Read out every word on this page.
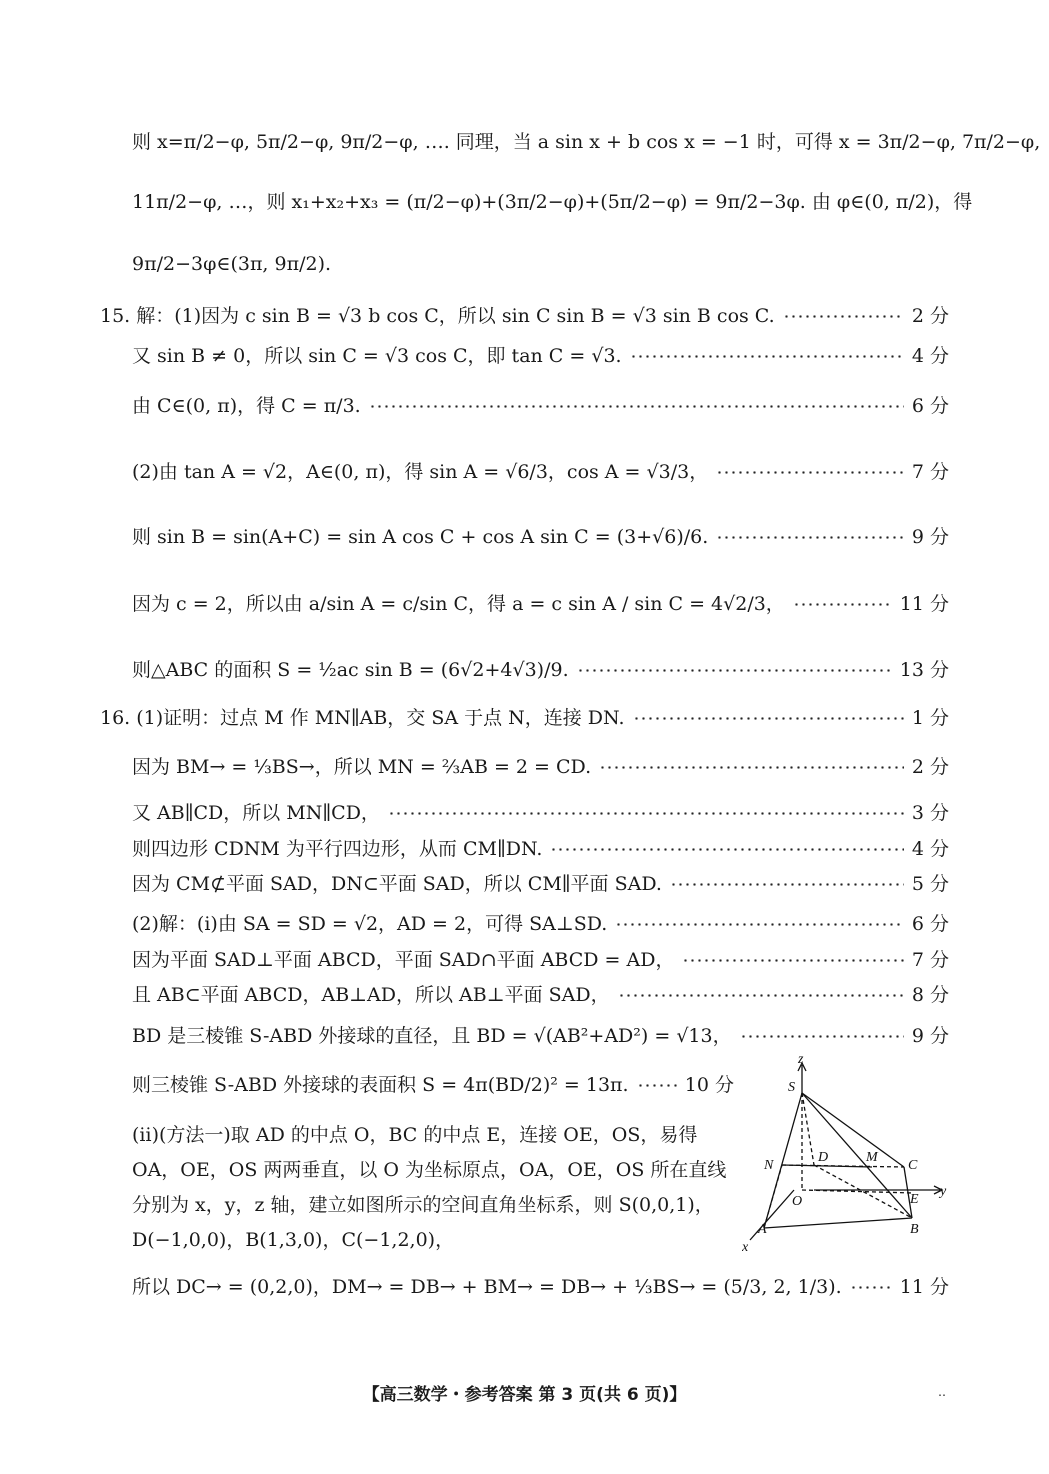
则 x=π/2−φ, 5π/2−φ, 9π/2−φ, …. 同理，当 a sin x + b cos x = −1 时，可得 x = 3π/2−φ, 7π/2−φ,
11π/2−φ, …，则 x₁+x₂+x₃ = (π/2−φ)+(3π/2−φ)+(5π/2−φ) = 9π/2−3φ. 由 φ∈(0, π/2)，得
9π/2−3φ∈(3π, 9π/2).
15. 解：(1)因为 c sin B = √3 b cos C，所以 sin C sin B = √3 sin B cos C.	2 分
又 sin B ≠ 0，所以 sin C = √3 cos C，即 tan C = √3.	4 分
由 C∈(0, π)，得 C = π/3.	6 分
(2)由 tan A = √2，A∈(0, π)，得 sin A = √6/3，cos A = √3/3，	7 分
则 sin B = sin(A+C) = sin A cos C + cos A sin C = (3+√6)/6.	9 分
因为 c = 2，所以由 a/sin A = c/sin C，得 a = c sin A / sin C = 4√2/3，	11 分
则△ABC 的面积 S = ½ac sin B = (6√2+4√3)/9.	13 分
16. (1)证明：过点 M 作 MN∥AB，交 SA 于点 N，连接 DN.	1 分
因为 BM→ = ⅓BS→，所以 MN = ⅔AB = 2 = CD.	2 分
又 AB∥CD，所以 MN∥CD，	3 分
则四边形 CDNM 为平行四边形，从而 CM∥DN.	4 分
因为 CM⊄平面 SAD，DN⊂平面 SAD，所以 CM∥平面 SAD.	5 分
(2)解：(ⅰ)由 SA = SD = √2，AD = 2，可得 SA⊥SD.	6 分
因为平面 SAD⊥平面 ABCD，平面 SAD∩平面 ABCD = AD，	7 分
且 AB⊂平面 ABCD，AB⊥AD，所以 AB⊥平面 SAD，	8 分
BD 是三棱锥 S-ABD 外接球的直径，且 BD = √(AB²+AD²) = √13，	9 分
则三棱锥 S-ABD 外接球的表面积 S = 4π(BD/2)² = 13π.	10 分
(ⅱ)(方法一)取 AD 的中点 O，BC 的中点 E，连接 OE，OS，易得 OA，OE，OS 两两垂直，以 O 为坐标原点，OA，OE，OS 所在直线分别为 x，y，z 轴，建立如图所示的空间直角坐标系，则 S(0,0,1)，D(−1,0,0)，B(1,3,0)，C(−1,2,0)，
所以 DC→ = (0,2,0)，DM→ = DB→ + BM→ = DB→ + ⅓BS→ = (5/3, 2, 1/3).	11 分
z
S
N
D	M
C
O	E
y
A	B
x
【高三数学・参考答案 第 3 页(共 6 页)】	‥
